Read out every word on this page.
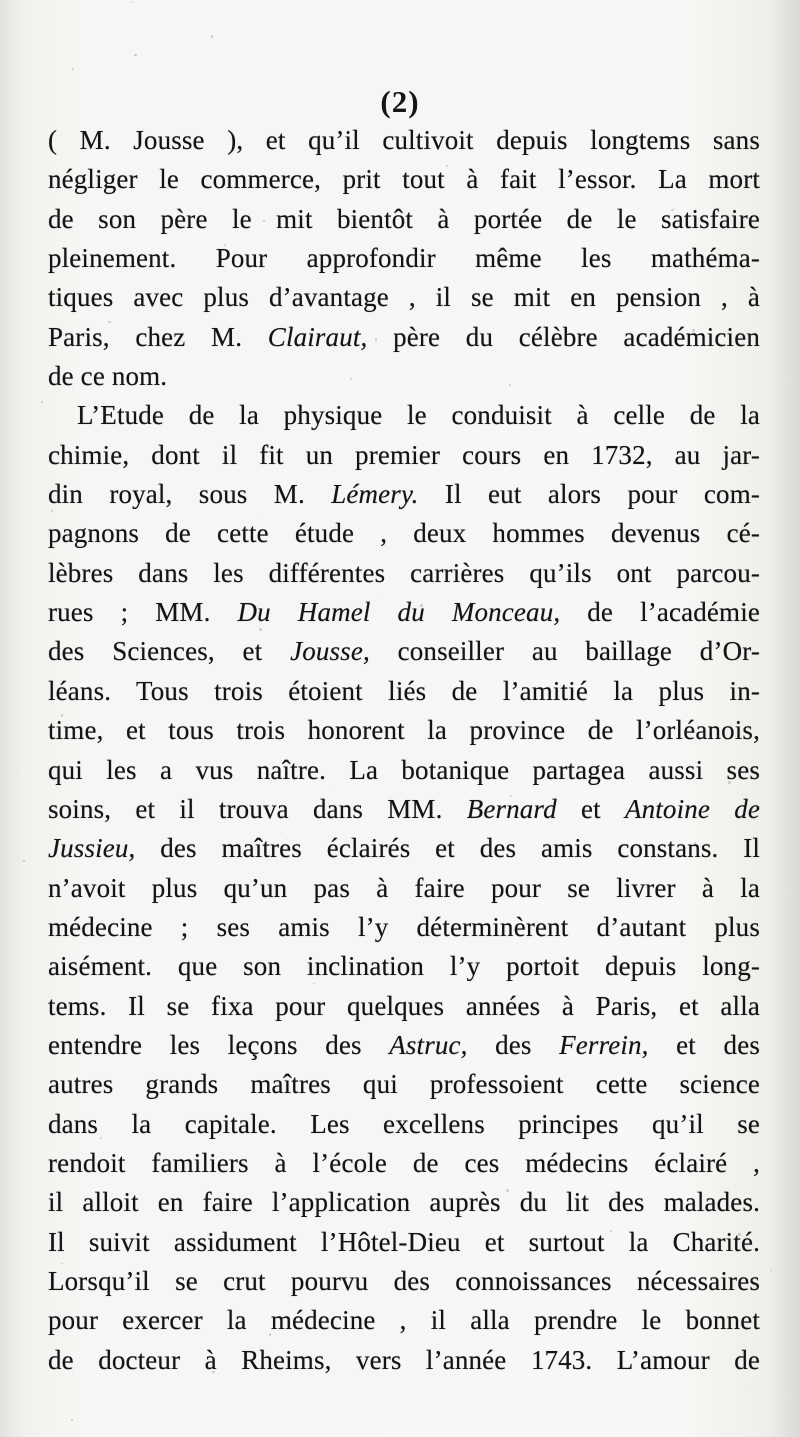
(2)
( M. Jousse ), et qu’il cultivoit depuis longtems sans
négliger le commerce, prit tout à fait l’essor. La mort
de son père le mit bientôt à portée de le satisfaire
pleinement. Pour approfondir même les mathéma-
tiques avec plus d’avantage , il se mit en pension , à
Paris, chez M. Clairaut, père du célèbre académicien
de ce nom.
L’Etude de la physique le conduisit à celle de la
chimie, dont il fit un premier cours en 1732, au jar-
din royal, sous M. Lémery. Il eut alors pour com-
pagnons de cette étude , deux hommes devenus cé-
lèbres dans les différentes carrières qu’ils ont parcou-
rues ; MM. Du Hamel du Monceau, de l’académie
des Sciences, et Jousse, conseiller au baillage d’Or-
léans. Tous trois étoient liés de l’amitié la plus in-
time, et tous trois honorent la province de l’orléanois,
qui les a vus naître. La botanique partagea aussi ses
soins, et il trouva dans MM. Bernard et Antoine de
Jussieu, des maîtres éclairés et des amis constans. Il
n’avoit plus qu’un pas à faire pour se livrer à la
médecine ; ses amis l’y déterminèrent d’autant plus
aisément. que son inclination l’y portoit depuis long-
tems. Il se fixa pour quelques années à Paris, et alla
entendre les leçons des Astruc, des Ferrein, et des
autres grands maîtres qui professoient cette science
dans la capitale. Les excellens principes qu’il se
rendoit familiers à l’école de ces médecins éclairé ,
il alloit en faire l’application auprès du lit des malades.
Il suivit assidument l’Hôtel-Dieu et surtout la Charité.
Lorsqu’il se crut pourvu des connoissances nécessaires
pour exercer la médecine , il alla prendre le bonnet
de docteur à Rheims, vers l’année 1743. L’amour de
